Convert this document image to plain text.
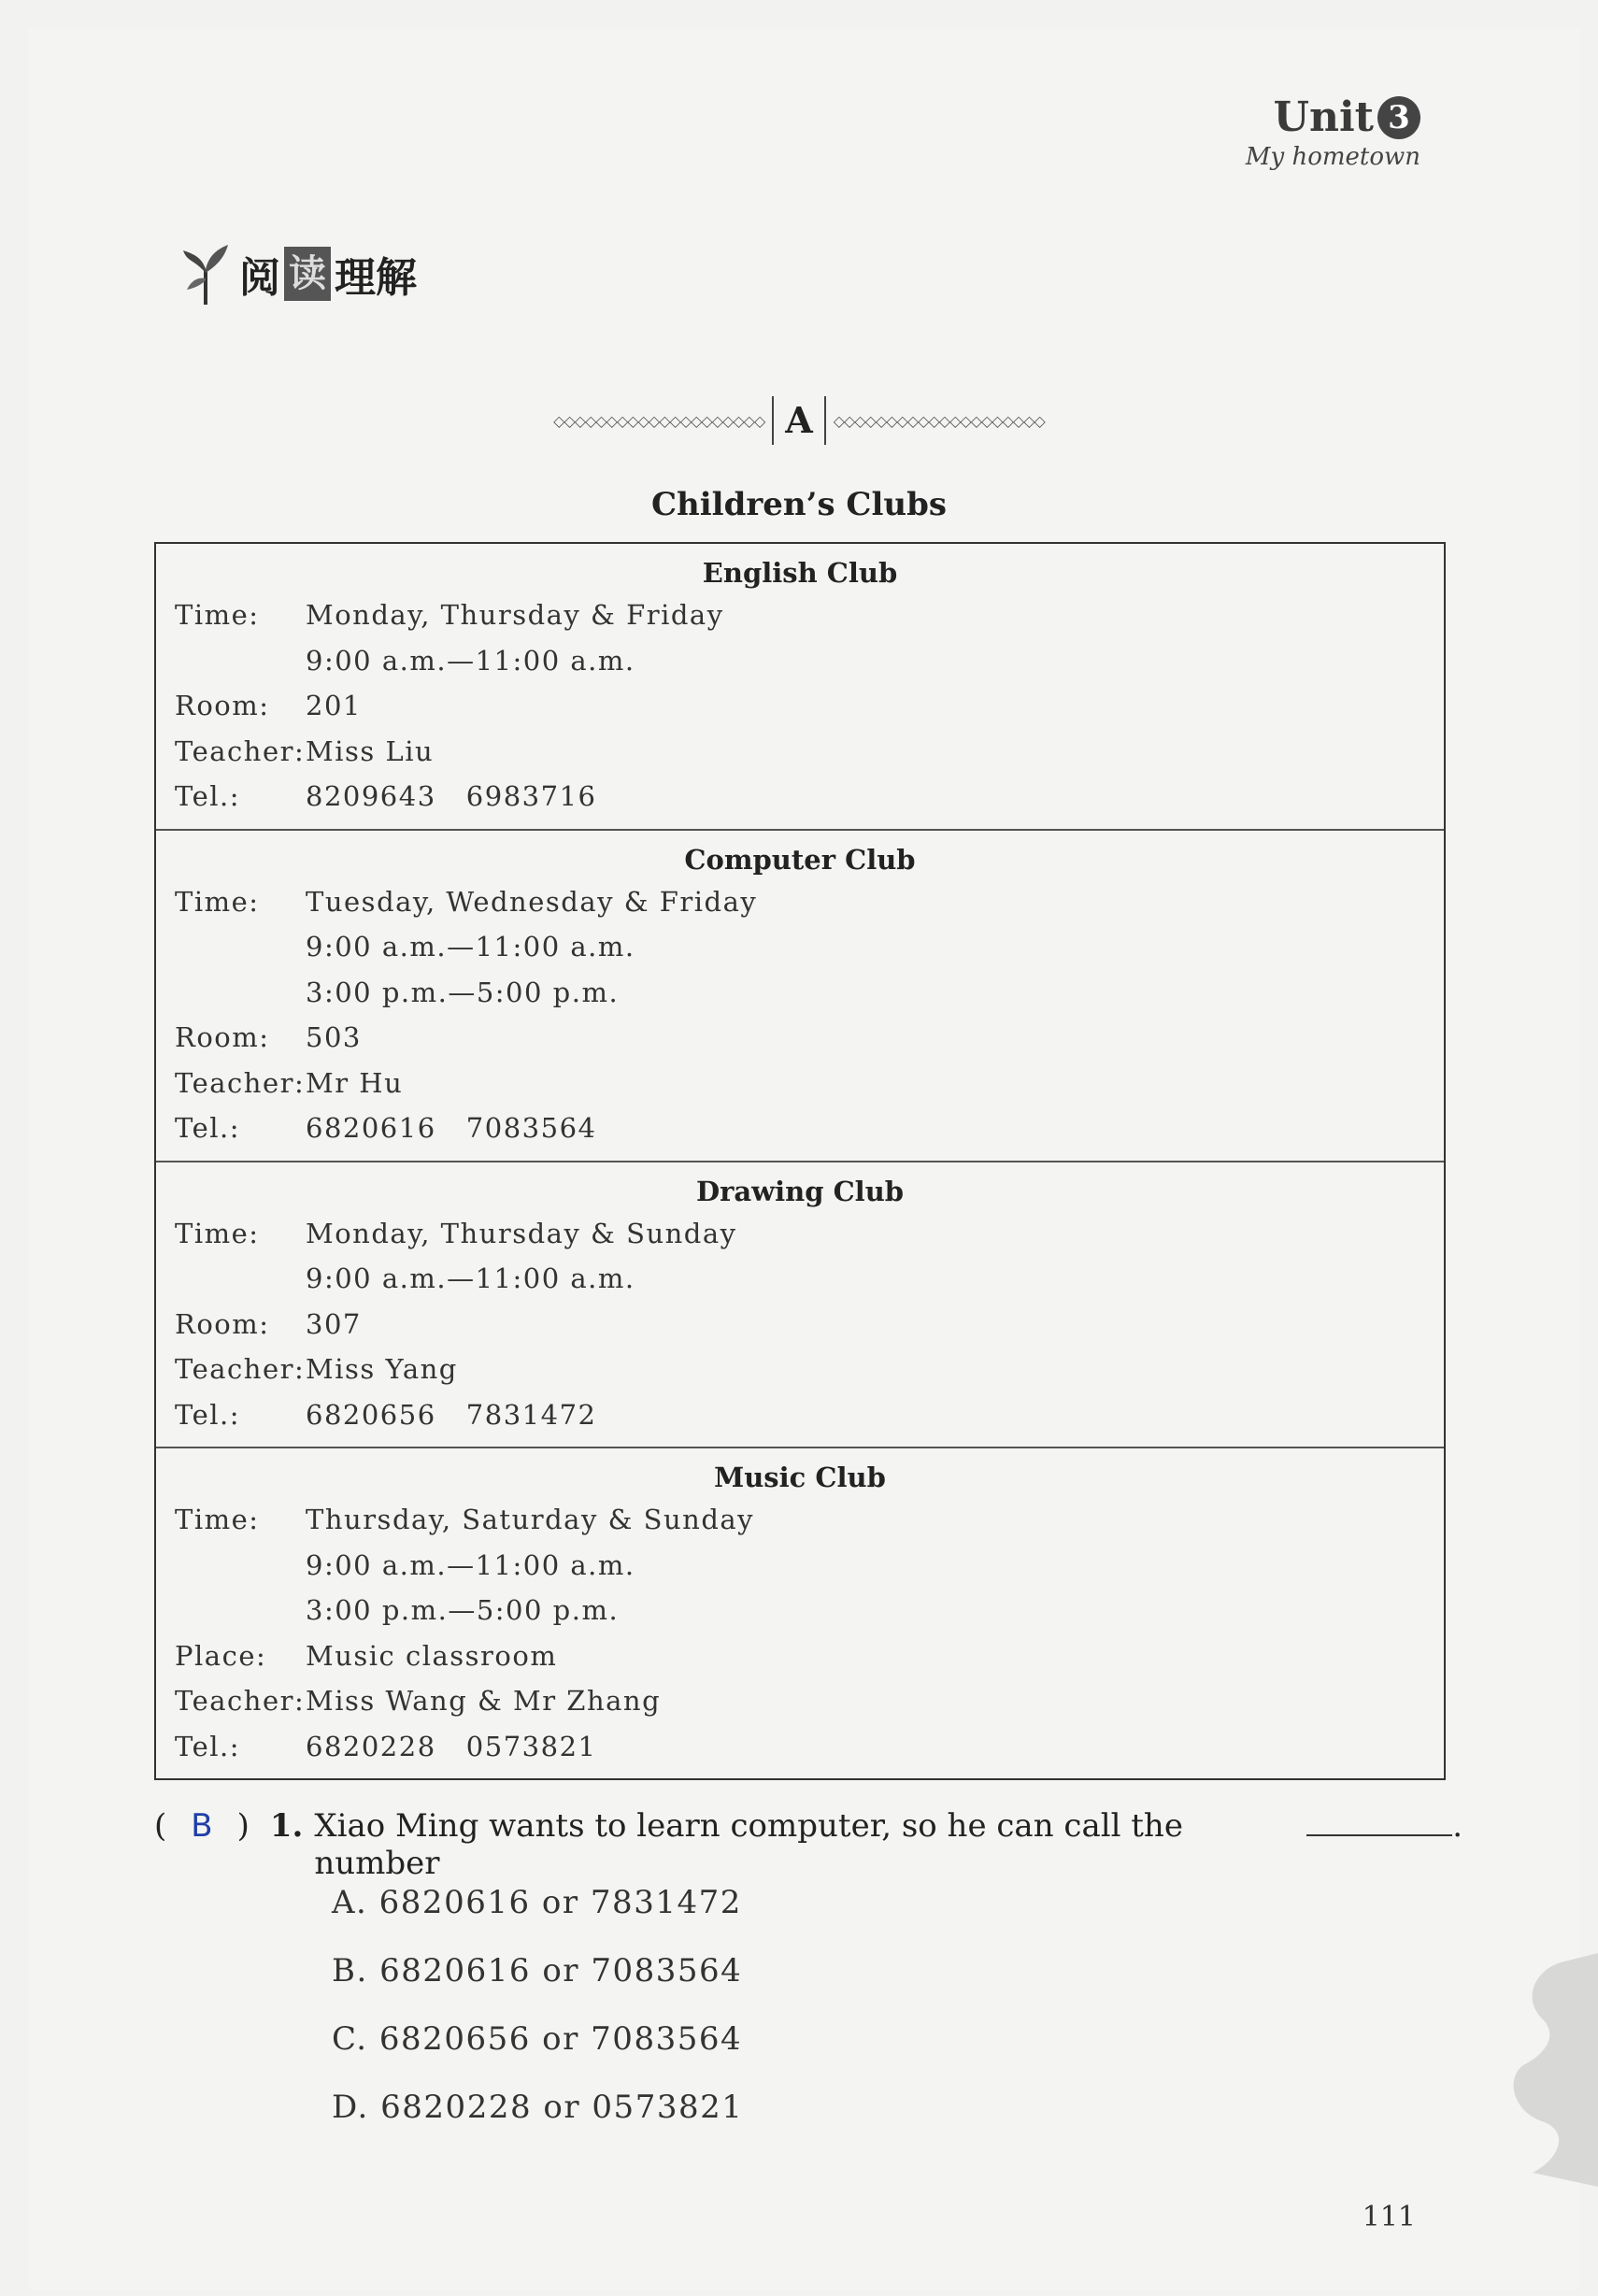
Unit 3
My hometown
阅 读 理解
◇◇◇◇◇◇◇◇◇◇◇◇◇◇◇◇◇◇◇◇ A	◇◇◇◇◇◇◇◇◇◇◇◇◇◇◇◇◇◇◇◇
Children’s Clubs
English Club
Time:	Monday, Thursday & Friday
9:00 a.m.—11:00 a.m.
Room:	201
Teacher: Miss Liu
Tel.:	8209643   6983716
Computer Club
Time:	Tuesday, Wednesday & Friday
9:00 a.m.—11:00 a.m.
3:00 p.m.—5:00 p.m.
Room:	503
Teacher: Mr Hu
Tel.:	6820616   7083564
Drawing Club
Time:	Monday, Thursday & Sunday
9:00 a.m.—11:00 a.m.
Room:	307
Teacher: Miss Yang
Tel.:	6820656   7831472
Music Club
Time:	Thursday, Saturday & Sunday
9:00 a.m.—11:00 a.m.
3:00 p.m.—5:00 p.m.
Place:	Music classroom
Teacher: Miss Wang & Mr Zhang
Tel.:	6820228   0573821
( B ) 1. Xiao Ming wants to learn computer, so he can call the number
.
A. 6820616 or 7831472
B. 6820616 or 7083564
C. 6820656 or 7083564
D. 6820228 or 0573821
111
